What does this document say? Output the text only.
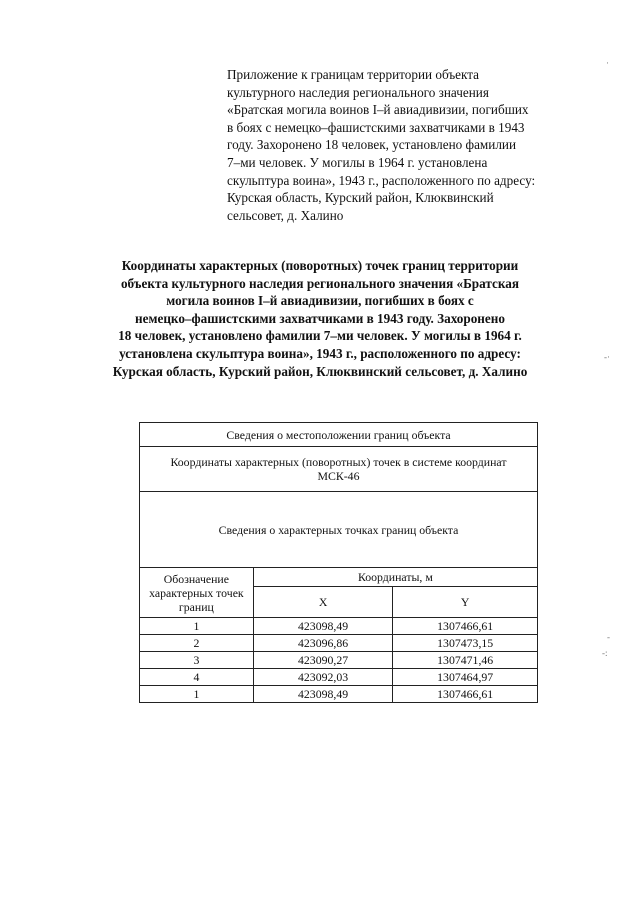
Приложение к границам территории объекта
культурного наследия регионального значения
«Братская могила воинов I–й авиадивизии, погибших
в боях с немецко–фашистскими захватчиками в 1943
году. Захоронено 18 человек, установлено фамилии
7–ми человек. У могилы в 1964 г. установлена
скульптура воина», 1943 г., расположенного по адресу:
Курская область, Курский район, Клюквинский
сельсовет, д. Халино
Координаты характерных (поворотных) точек границ территории
объекта культурного наследия регионального значения «Братская
могила воинов I–й авиадивизии, погибших в боях с
немецко–фашистскими захватчиками в 1943 году. Захоронено
18 человек, установлено фамилии 7–ми человек. У могилы в 1964 г.
установлена скульптура воина», 1943 г., расположенного по адресу:
Курская область, Курский район, Клюквинский сельсовет, д. Халино
Сведения о местоположении границ объекта		
Координаты характерных (поворотных) точек в системе координат
МСК-46		
Сведения о характерных точках границ объекта		
Обозначение
характерных точек
границ	Координаты, м	
	X	Y
1	423098,49	1307466,61
2	423096,86	1307473,15
3	423090,27	1307471,46
4	423092,03	1307464,97
1	423098,49	1307466,61
·
-·
-
-:
